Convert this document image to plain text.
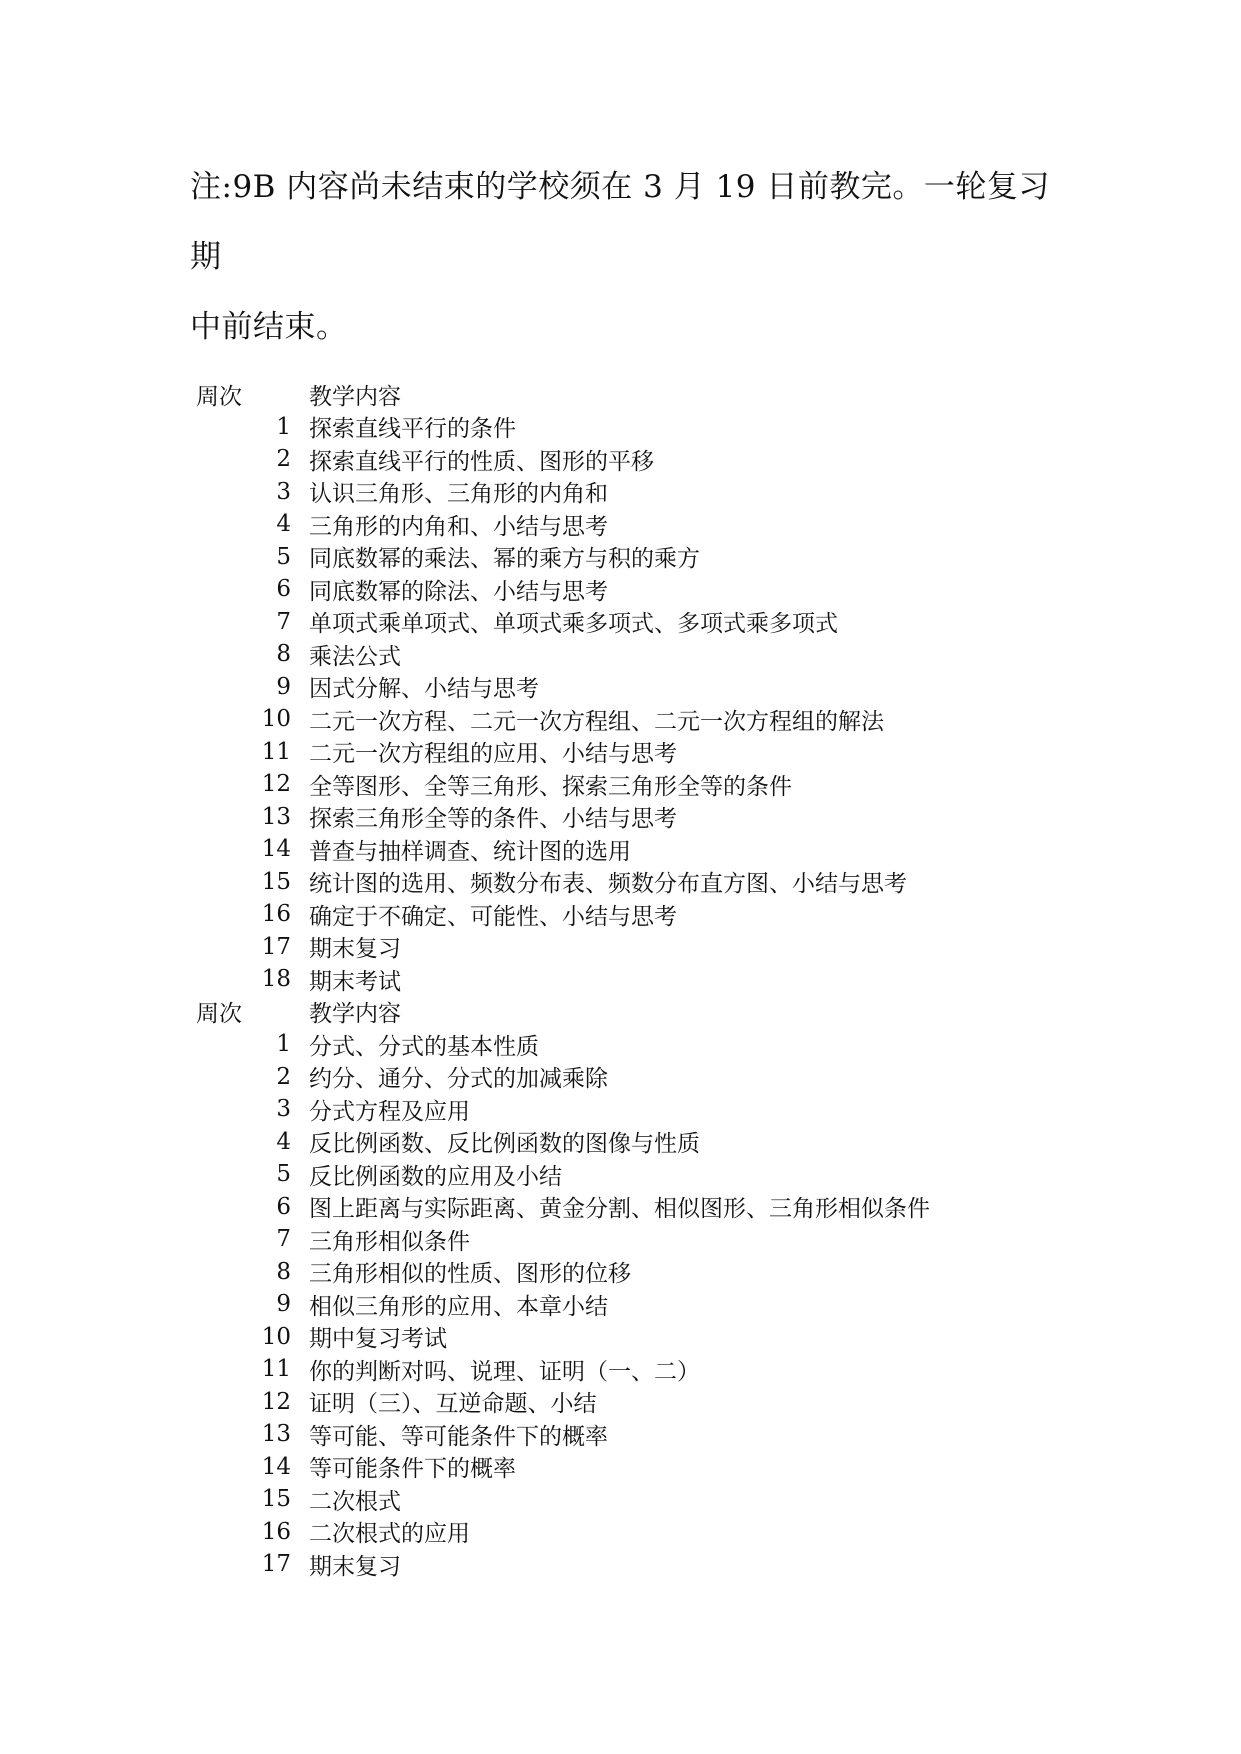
注:9B 内容尚未结束的学校须在 3 月 19 日前教完。一轮复习期

中前结束。

周次	教学内容
1 探索直线平行的条件
2 探索直线平行的性质、图形的平移
3 认识三角形、三角形的内角和
4 三角形的内角和、小结与思考
5 同底数幂的乘法、幂的乘方与积的乘方
6 同底数幂的除法、小结与思考
7 单项式乘单项式、单项式乘多项式、多项式乘多项式
8 乘法公式
9 因式分解、小结与思考
10 二元一次方程、二元一次方程组、二元一次方程组的解法
11 二元一次方程组的应用、小结与思考
12 全等图形、全等三角形、探索三角形全等的条件
13 探索三角形全等的条件、小结与思考
14 普查与抽样调查、统计图的选用
15 统计图的选用、频数分布表、频数分布直方图、小结与思考
16 确定于不确定、可能性、小结与思考
17 期末复习
18 期末考试
周次	教学内容
1 分式、分式的基本性质
2 约分、通分、分式的加减乘除
3 分式方程及应用
4 反比例函数、反比例函数的图像与性质
5 反比例函数的应用及小结
6 图上距离与实际距离、黄金分割、相似图形、三角形相似条件
7 三角形相似条件
8 三角形相似的性质、图形的位移
9 相似三角形的应用、本章小结
10 期中复习考试
11 你的判断对吗、说理、证明（一、二）
12 证明（三）、互逆命题、小结
13 等可能、等可能条件下的概率
14 等可能条件下的概率
15 二次根式
16 二次根式的应用
17 期末复习
